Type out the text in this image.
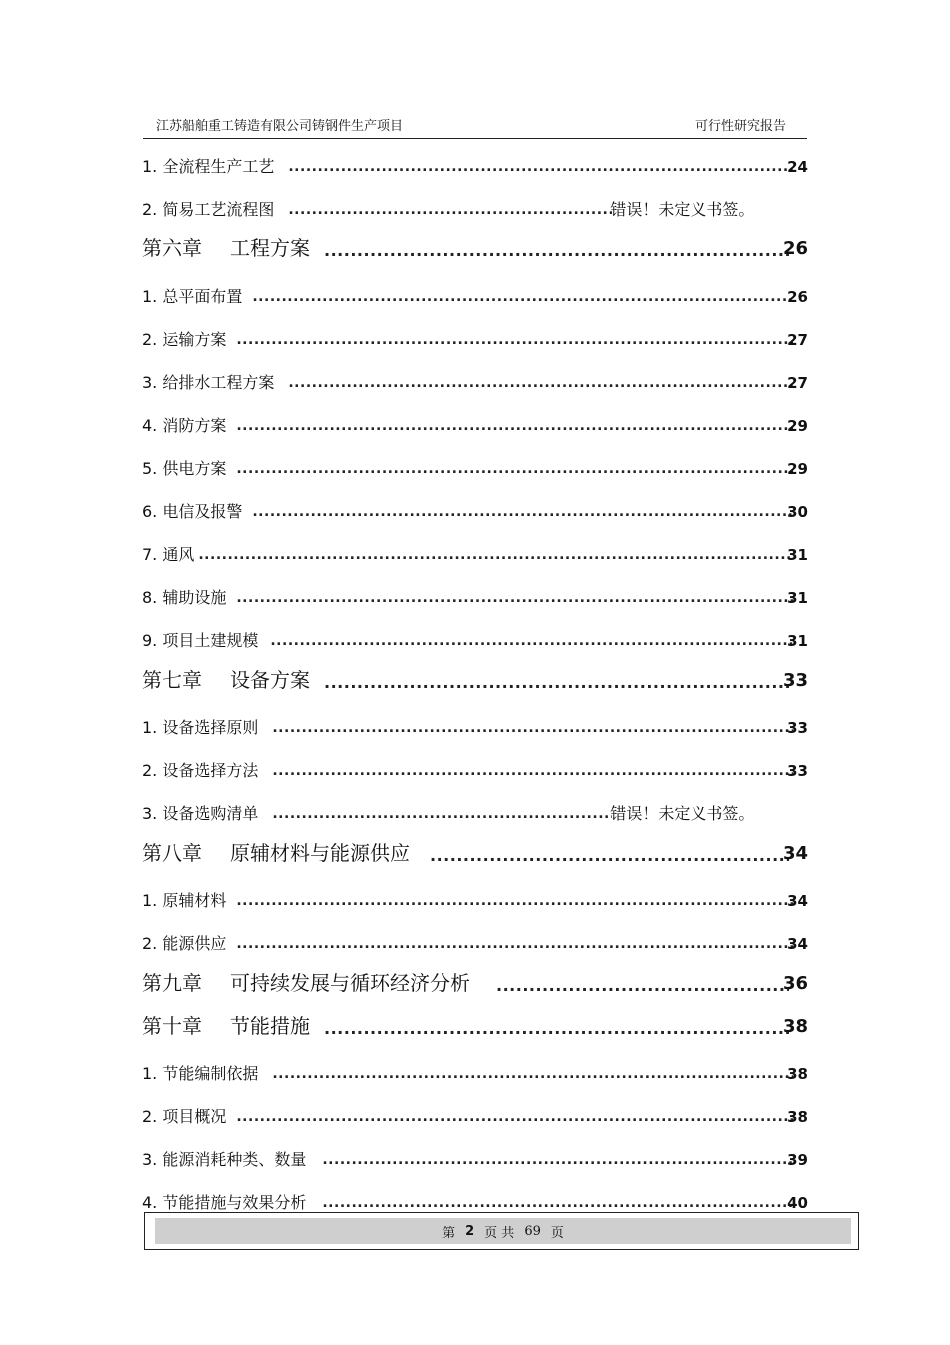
江苏船舶重工铸造有限公司铸钢件生产项目	可行性研究报告
1. 全流程生产工艺 .....	24
2. 简易工艺流程图 .....	错误！未定义书签。
第六章 工程方案 .....	26
1. 总平面布置 .....	26
2. 运输方案 .....	27
3. 给排水工程方案 .....	27
4. 消防方案 .....	29
5. 供电方案 .....	29
6. 电信及报警 .....	30
7. 通风 .....	31
8. 辅助设施 .....	31
9. 项目土建规模 .....	31
第七章 设备方案 .....	33
1. 设备选择原则 .....	33
2. 设备选择方法 .....	33
3. 设备选购清单 .....	错误！未定义书签。
第八章 原辅材料与能源供应 .....	34
1. 原辅材料 .....	34
2. 能源供应 .....	34
第九章 可持续发展与循环经济分析 .....	36
第十章 节能措施 .....	38
1. 节能编制依据 .....	38
2. 项目概况 .....	38
3. 能源消耗种类、数量 .....	39
4. 节能措施与效果分析 .....	40
第 2 页 共 69 页
